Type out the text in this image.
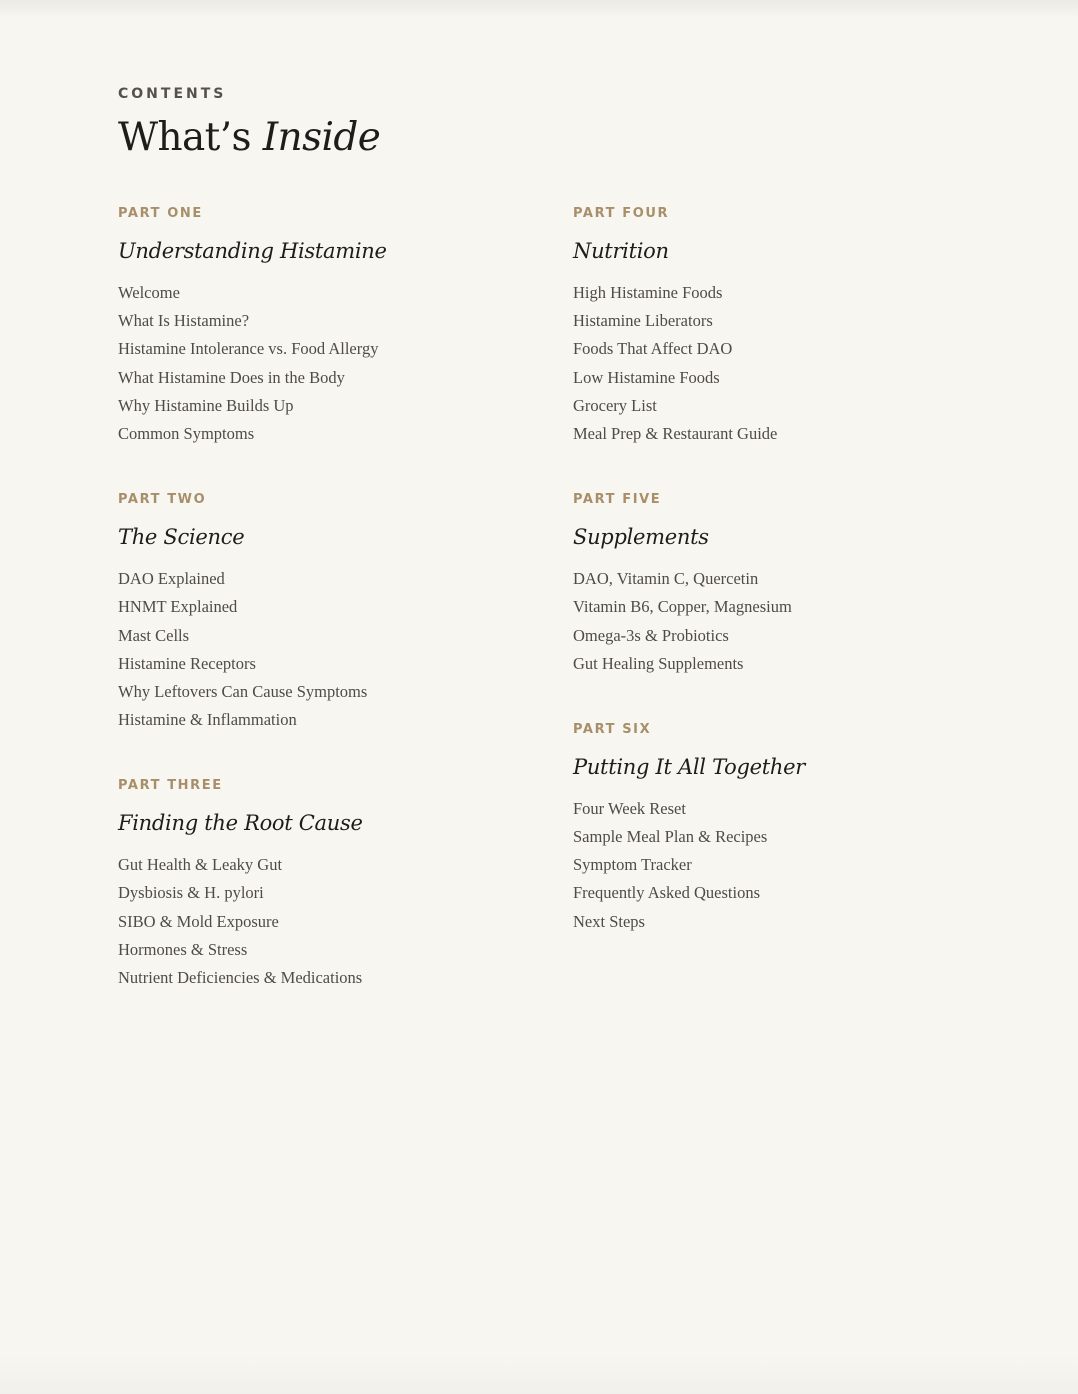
CONTENTS

What’s Inside

PART ONE

Understanding Histamine
Welcome
What Is Histamine?
Histamine Intolerance vs. Food Allergy
What Histamine Does in the Body
Why Histamine Builds Up
Common Symptoms

PART TWO

The Science
DAO Explained
HNMT Explained
Mast Cells
Histamine Receptors
Why Leftovers Can Cause Symptoms
Histamine & Inflammation

PART THREE

Finding the Root Cause
Gut Health & Leaky Gut
Dysbiosis & H. pylori
SIBO & Mold Exposure
Hormones & Stress
Nutrient Deficiencies & Medications

PART FOUR

Nutrition
High Histamine Foods
Histamine Liberators
Foods That Affect DAO
Low Histamine Foods
Grocery List
Meal Prep & Restaurant Guide

PART FIVE

Supplements
DAO, Vitamin C, Quercetin
Vitamin B6, Copper, Magnesium
Omega-3s & Probiotics
Gut Healing Supplements

PART SIX

Putting It All Together
Four Week Reset
Sample Meal Plan & Recipes
Symptom Tracker
Frequently Asked Questions
Next Steps
